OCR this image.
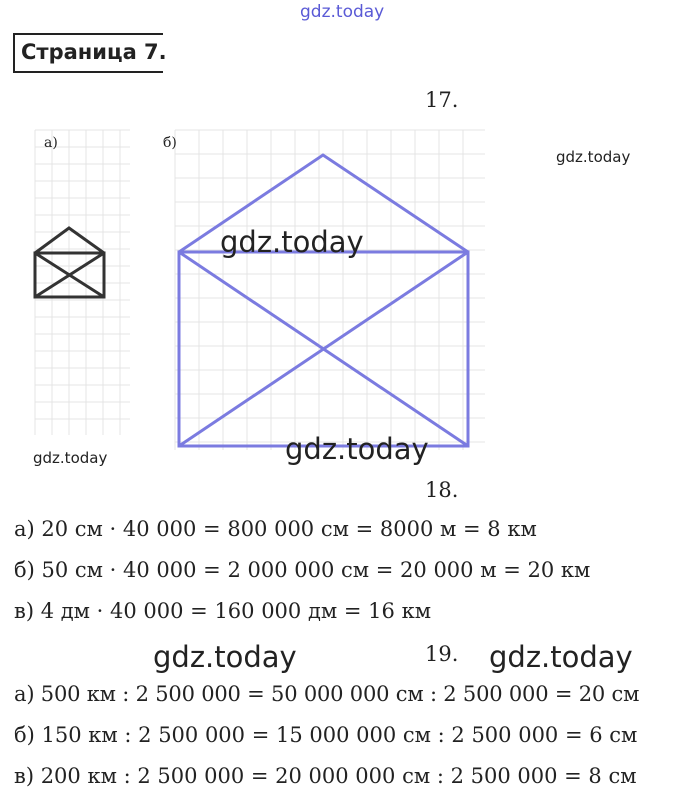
gdz.today
Страница 7.
17.
gdz.today
а)	б)
gdz.today
gdz.today
gdz.today
18.
а) 20 см · 40 000 = 800 000 см = 8000 м = 8 км
б) 50 см · 40 000 = 2 000 000 см = 20 000 м = 20 км
в) 4 дм · 40 000 = 160 000 дм = 16 км
gdz.today	19. gdz.today
а) 500 км : 2 500 000 = 50 000 000 см : 2 500 000 = 20 см
б) 150 км : 2 500 000 = 15 000 000 см : 2 500 000 = 6 см
в) 200 км : 2 500 000 = 20 000 000 см : 2 500 000 = 8 см
